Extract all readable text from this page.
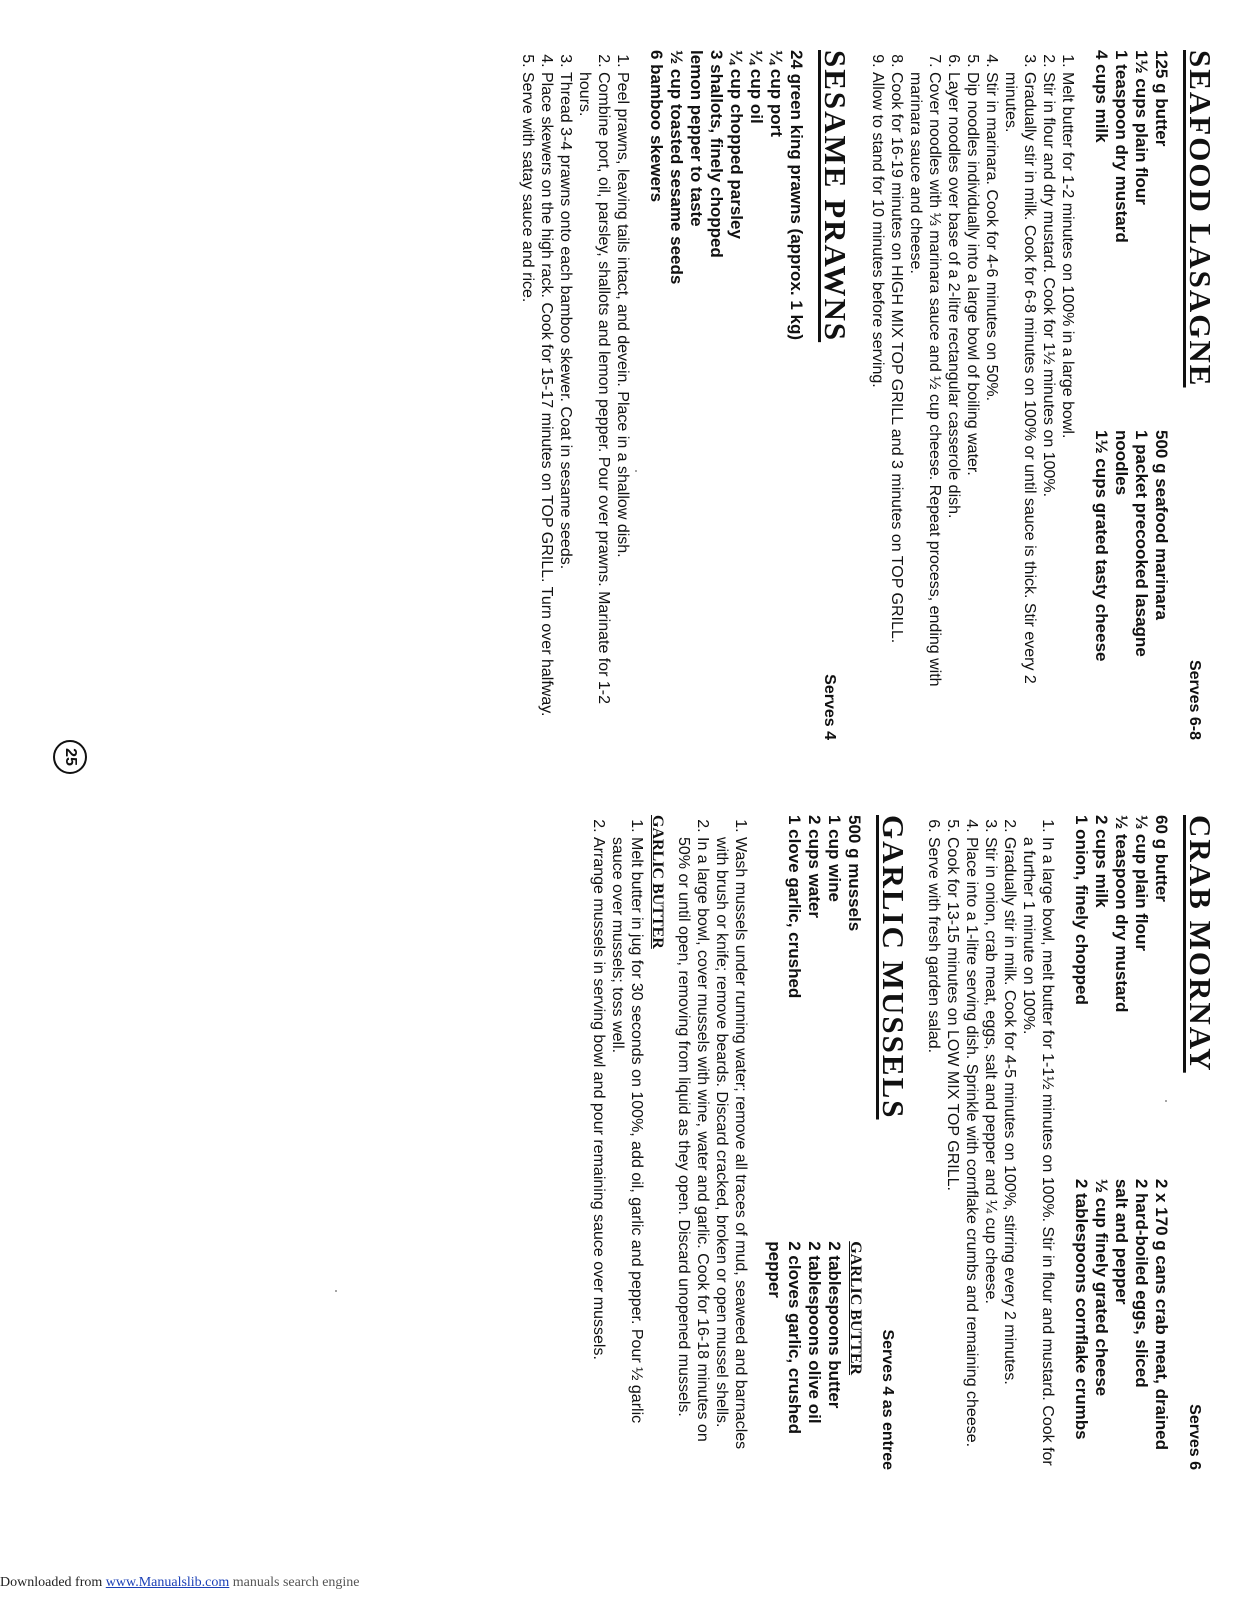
SEAFOOD LASAGNE
Serves 6-8
125 g butter
1½ cups plain flour
1 teaspoon dry mustard
4 cups milk
500 g seafood marinara
1 packet precooked lasagne noodles
1½ cups grated tasty cheese
1. Melt butter for 1-2 minutes on 100% in a large bowl.
2. Stir in flour and dry mustard. Cook for 1½ minutes on 100%.
3. Gradually stir in milk. Cook for 6-8 minutes on 100% or until sauce is thick. Stir every 2 minutes.
4. Stir in marinara. Cook for 4-6 minutes on 50%.
5. Dip noodles individually into a large bowl of boiling water.
6. Layer noodles over base of a 2-litre rectangular casserole dish.
7. Cover noodles with ⅓ marinara sauce and ½ cup cheese. Repeat process, ending with marinara sauce and cheese.
8. Cook for 16-19 minutes on HIGH MIX TOP GRILL and 3 minutes on TOP GRILL.
9. Allow to stand for 10 minutes before serving.
SESAME PRAWNS
Serves 4
24 green king prawns (approx. 1 kg)
¼ cup port
¼ cup oil
¼ cup chopped parsley
3 shallots, finely chopped
lemon pepper to taste
½ cup toasted sesame seeds
6 bamboo skewers
1. Peel prawns, leaving tails intact, and devein. Place in a shallow dish.
2. Combine port, oil, parsley, shallots and lemon pepper. Pour over prawns. Marinate for 1-2 hours.
3. Thread 3-4 prawns onto each bamboo skewer. Coat in sesame seeds.
4. Place skewers on the high rack. Cook for 15-17 minutes on TOP GRILL. Turn over halfway.
5. Serve with satay sauce and rice.
CRAB MORNAY
Serves 6
60 g butter
⅓ cup plain flour
½ teaspoon dry mustard
2 cups milk
1 onion, finely chopped
2 x 170 g cans crab meat, drained
2 hard-boiled eggs, sliced
salt and pepper
½ cup finely grated cheese
2 tablespoons cornflake crumbs
1. In a large bowl, melt butter for 1-1½ minutes on 100%. Stir in flour and mustard. Cook for a further 1 minute on 100%.
2. Gradually stir in milk. Cook for 4-5 minutes on 100%, stirring every 2 minutes.
3. Stir in onion, crab meat, eggs, salt and pepper and ¼ cup cheese.
4. Place into a 1-litre serving dish. Sprinkle with cornflake crumbs and remaining cheese.
5. Cook for 13-15 minutes on LOW MIX TOP GRILL.
6. Serve with fresh garden salad.
GARLIC MUSSELS
Serves 4 as entree
500 g mussels
1 cup wine
2 cups water
1 clove garlic, crushed
GARLIC BUTTER
2 tablespoons butter
2 tablespoons olive oil
2 cloves garlic, crushed
pepper
1. Wash mussels under running water; remove all traces of mud, seaweed and barnacles with brush or knife; remove beards. Discard cracked, broken or open mussel shells.
2. In a large bowl, cover mussels with wine, water and garlic. Cook for 16-18 minutes on 50% or until open, removing from liquid as they open. Discard unopened mussels.
GARLIC BUTTER
1. Melt butter in jug for 30 seconds on 100%, add oil, garlic and pepper. Pour ½ garlic sauce over mussels; toss well.
2. Arrange mussels in serving bowl and pour remaining sauce over mussels.
25
Downloaded from www.Manualslib.com manuals search engine
